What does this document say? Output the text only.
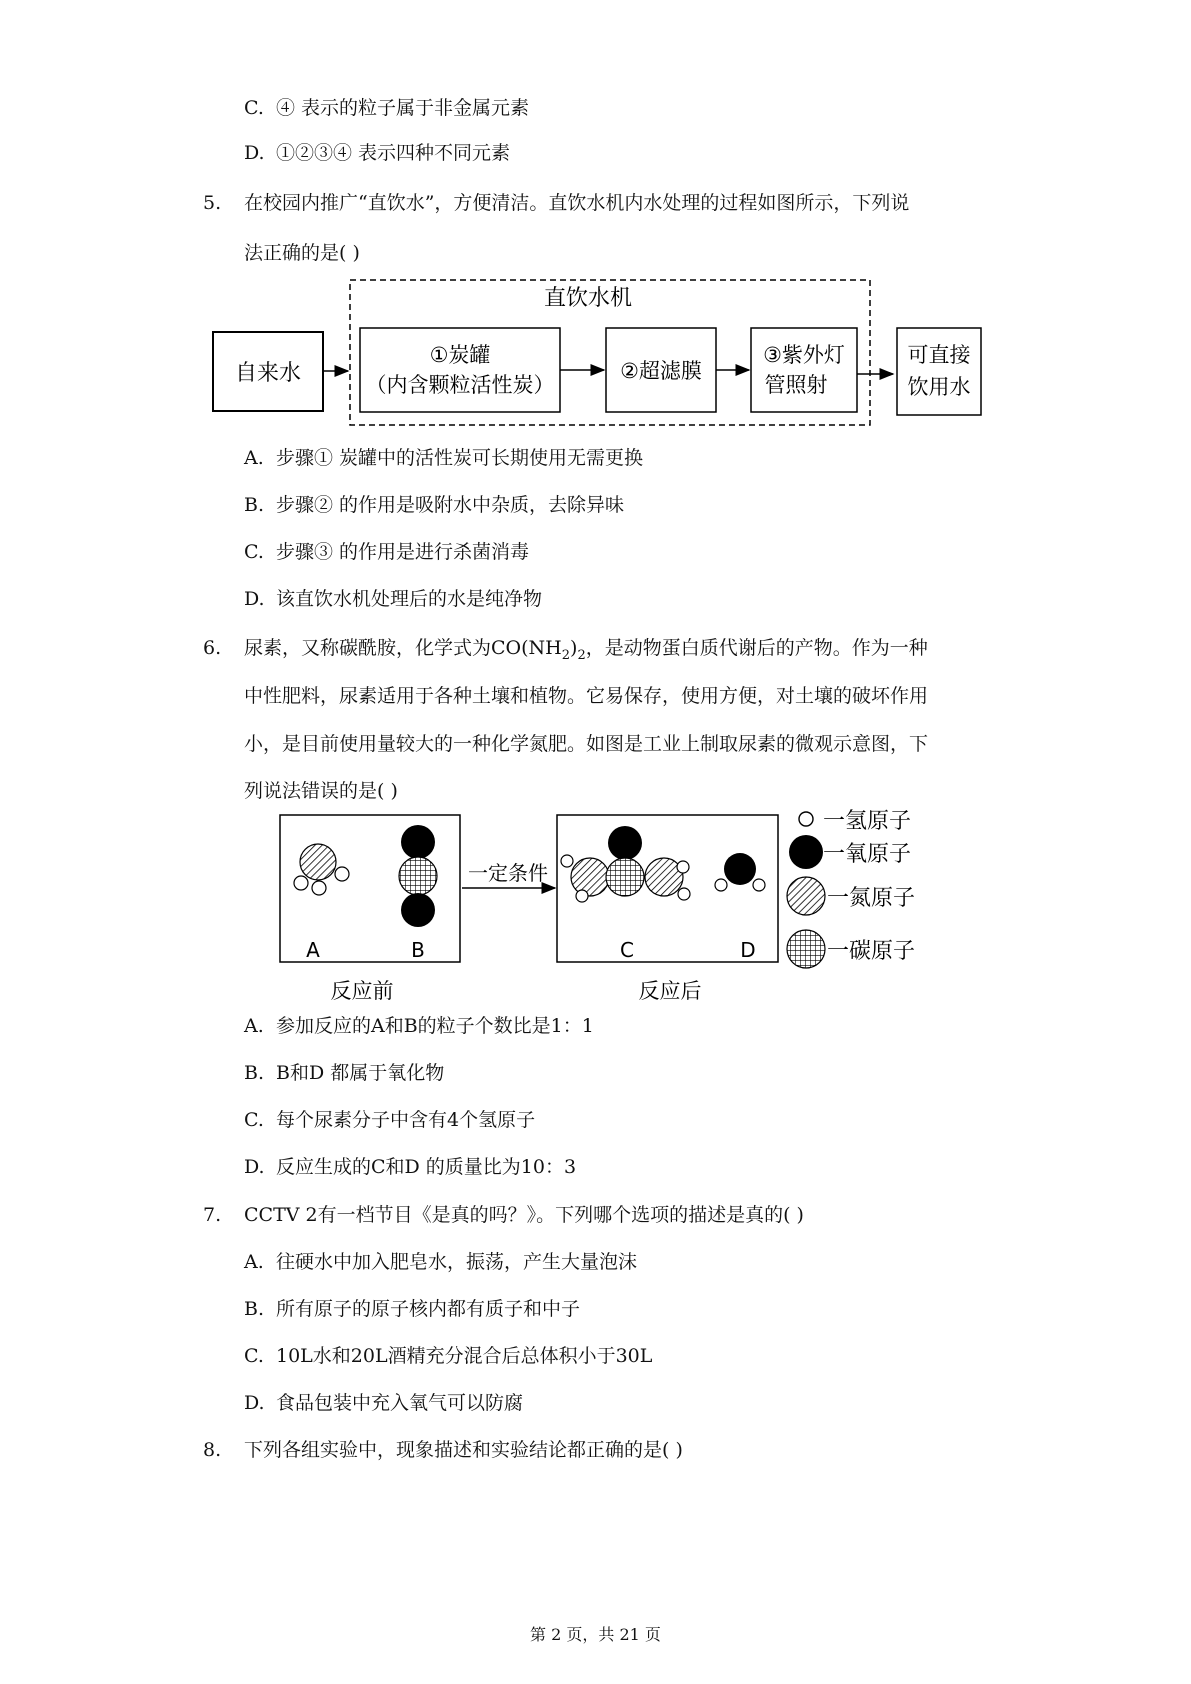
C. ④ 表示的粒子属于非金属元素
D. ①②③④ 表示四种不同元素
5. 在校园内推广“直饮水”，方便清洁。直饮水机内水处理的过程如图所示，下列说
法正确的是( )
直饮水机
自来水
①炭罐
（内含颗粒活性炭）
②超滤膜
③紫外灯
管照射
可直接
饮用水
A	B
一定条件
C	D
反应前	反应后
一氢原子
一氧原子
一氮原子
一碳原子
A. 步骤① 炭罐中的活性炭可长期使用无需更换
B. 步骤② 的作用是吸附水中杂质，去除异味
C. 步骤③ 的作用是进行杀菌消毒
D. 该直饮水机处理后的水是纯净物
6. 尿素，又称碳酰胺，化学式为$CO(NH_2)_2$，是动物蛋白质代谢后的产物。作为一种
中性肥料，尿素适用于各种土壤和植物。它易保存，使用方便，对土壤的破坏作用
小，是目前使用量较大的一种化学氮肥。如图是工业上制取尿素的微观示意图，下
列说法错误的是( )
A. 参加反应的A和B的粒子个数比是1：1
B. B和D 都属于氧化物
C. 每个尿素分子中含有4个氢原子
D. 反应生成的C和D 的质量比为10：3
7. CCTV 2有一档节目《是真的吗？》。下列哪个选项的描述是真的( )
A. 往硬水中加入肥皂水，振荡，产生大量泡沫
B. 所有原子的原子核内都有质子和中子
C. 10L水和20L酒精充分混合后总体积小于30L
D. 食品包装中充入氧气可以防腐
8. 下列各组实验中，现象描述和实验结论都正确的是( )
第 2 页，共 21 页
